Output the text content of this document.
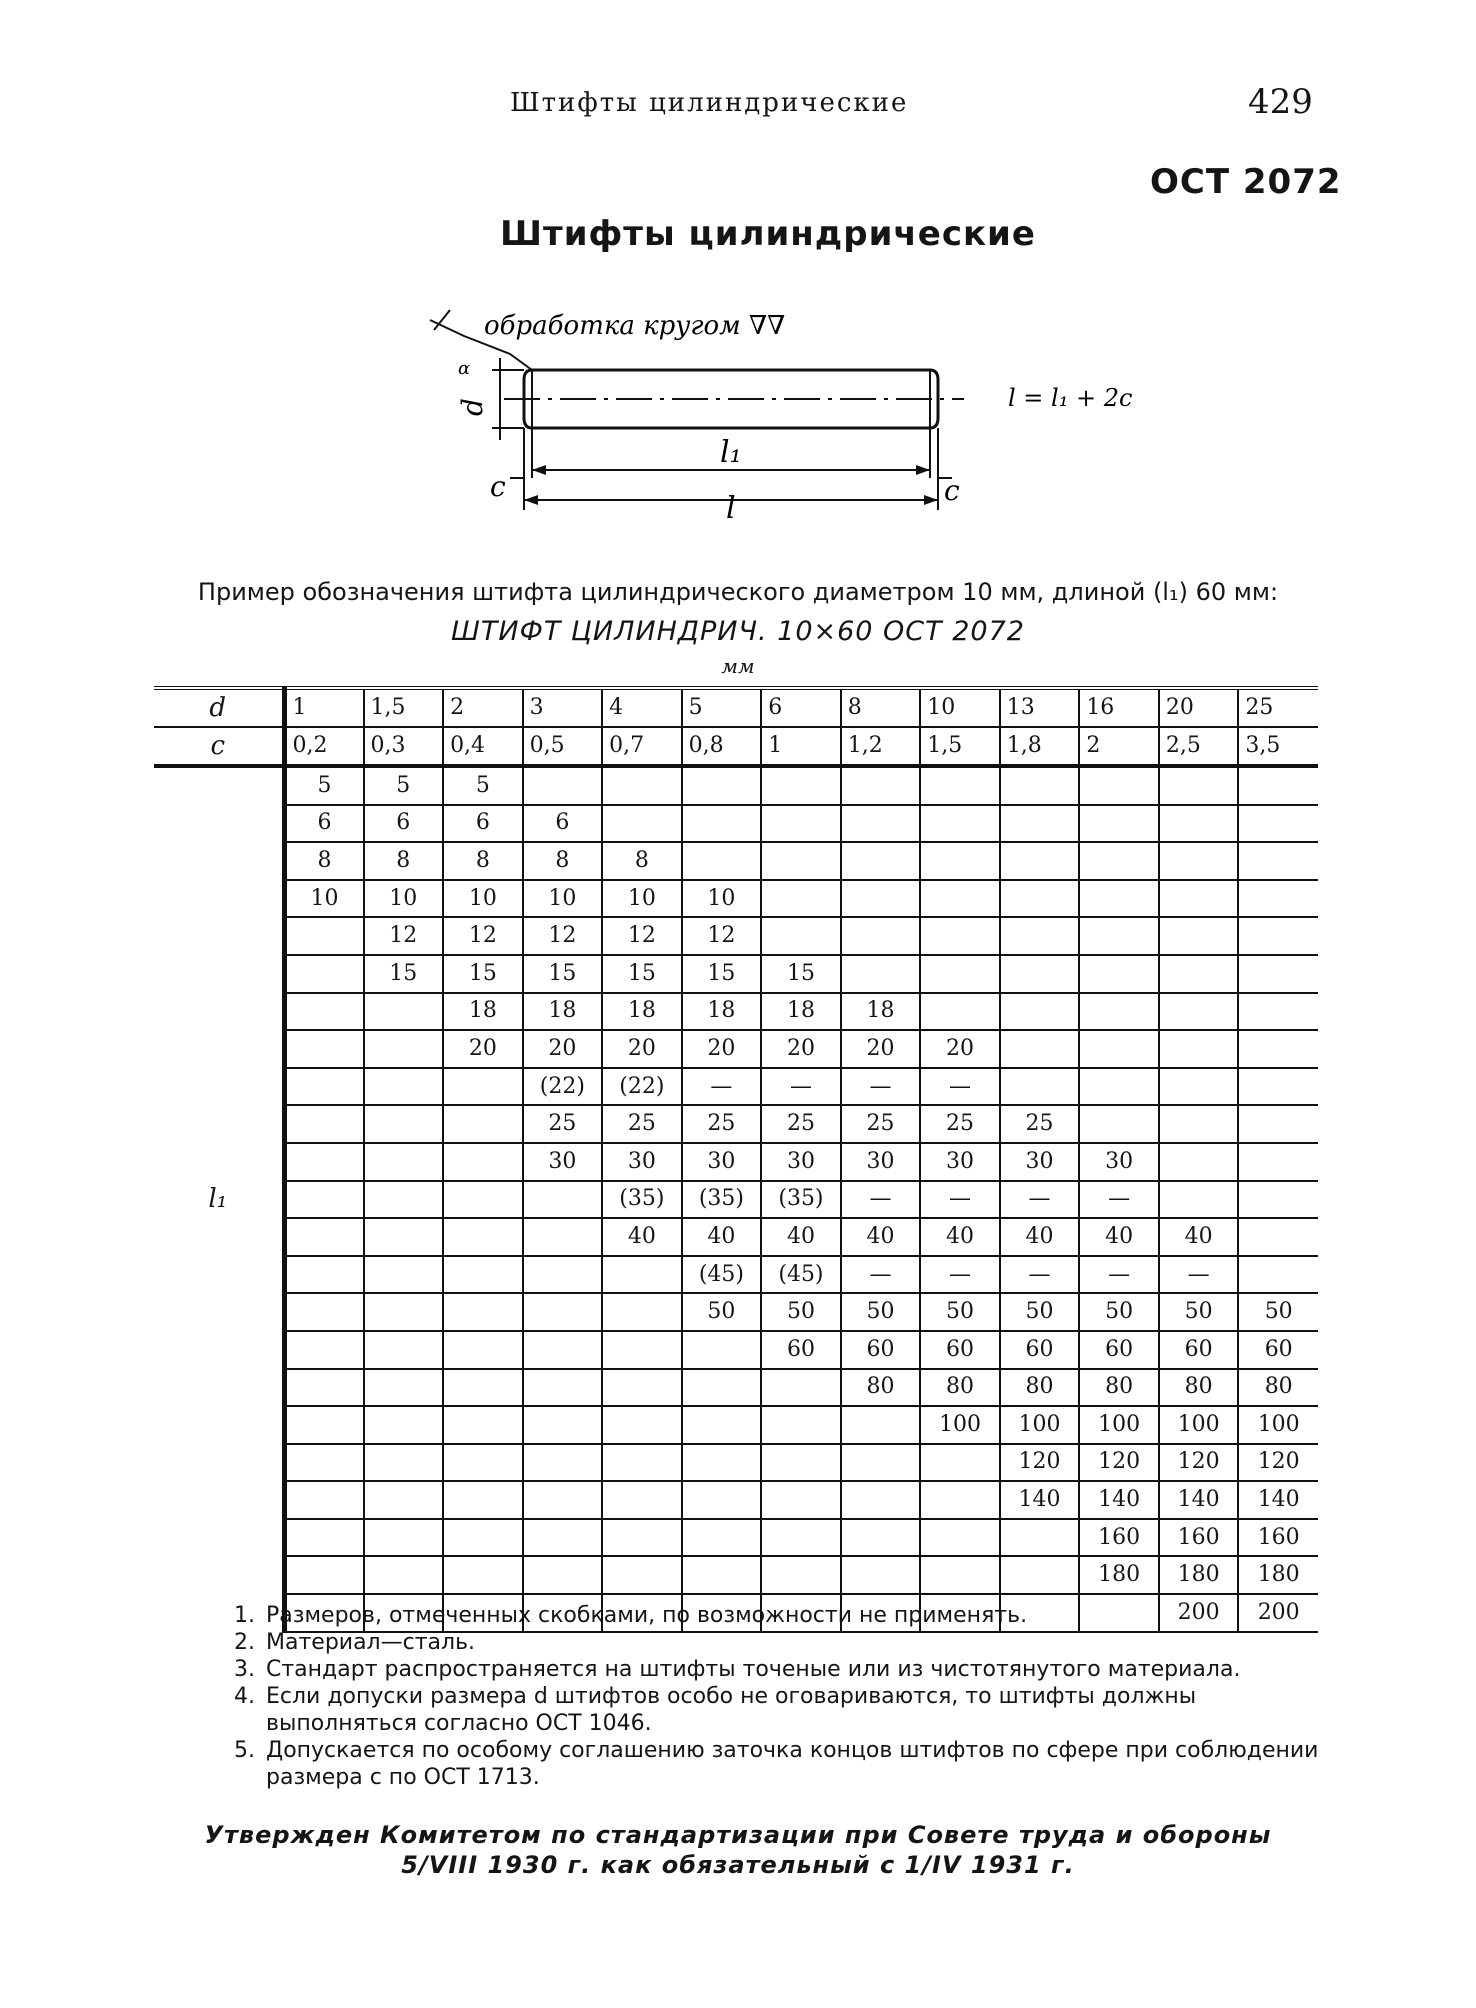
Штифты цилиндрические	429
ОСТ 2072
Штифты цилиндрические
обработка кругом ∇∇
α
d
l₁
l
c	c
l = l₁ + 2c
Пример обозначения штифта цилиндрического диаметром 10 мм, длиной (l₁) 60 мм:
ШТИФТ ЦИЛИНДРИЧ. 10×60 ОСТ 2072
мм
d	1	1,5	2	3	4	5	6	8	10	13	16	20	25
c	0,2	0,3	0,4	0,5	0,7	0,8	1	1,2	1,5	1,8	2	2,5	3,5
	5	5	5										
	6	6	6	6									
	8	8	8	8	8								
	10	10	10	10	10	10							
		12	12	12	12	12							
		15	15	15	15	15	15						
			18	18	18	18	18	18					
			20	20	20	20	20	20	20				
				(22)	(22)	—	—	—	—				
				25	25	25	25	25	25	25			
				30	30	30	30	30	30	30	30		
l₁					(35)	(35)	(35)	—	—	—	—		
					40	40	40	40	40	40	40	40	
						(45)	(45)	—	—	—	—	—	
						50	50	50	50	50	50	50	50
							60	60	60	60	60	60	60
								80	80	80	80	80	80
									100	100	100	100	100
										120	120	120	120
										140	140	140	140
											160	160	160
											180	180	180
												200	200
1. Размеров, отмеченных скобками, по возможности не применять.
2. Материал—сталь.
3. Стандарт распространяется на штифты точеные или из чистотянутого материала.
4. Если допуски размера d штифтов особо не оговариваются, то штифты должны выполняться согласно ОСТ 1046.
5. Допускается по особому соглашению заточка концов штифтов по сфере при соблюдении размера c по ОСТ 1713.
Утвержден Комитетом по стандартизации при Совете труда и обороны
5/VIII 1930 г. как обязательный с 1/IV 1931 г.
